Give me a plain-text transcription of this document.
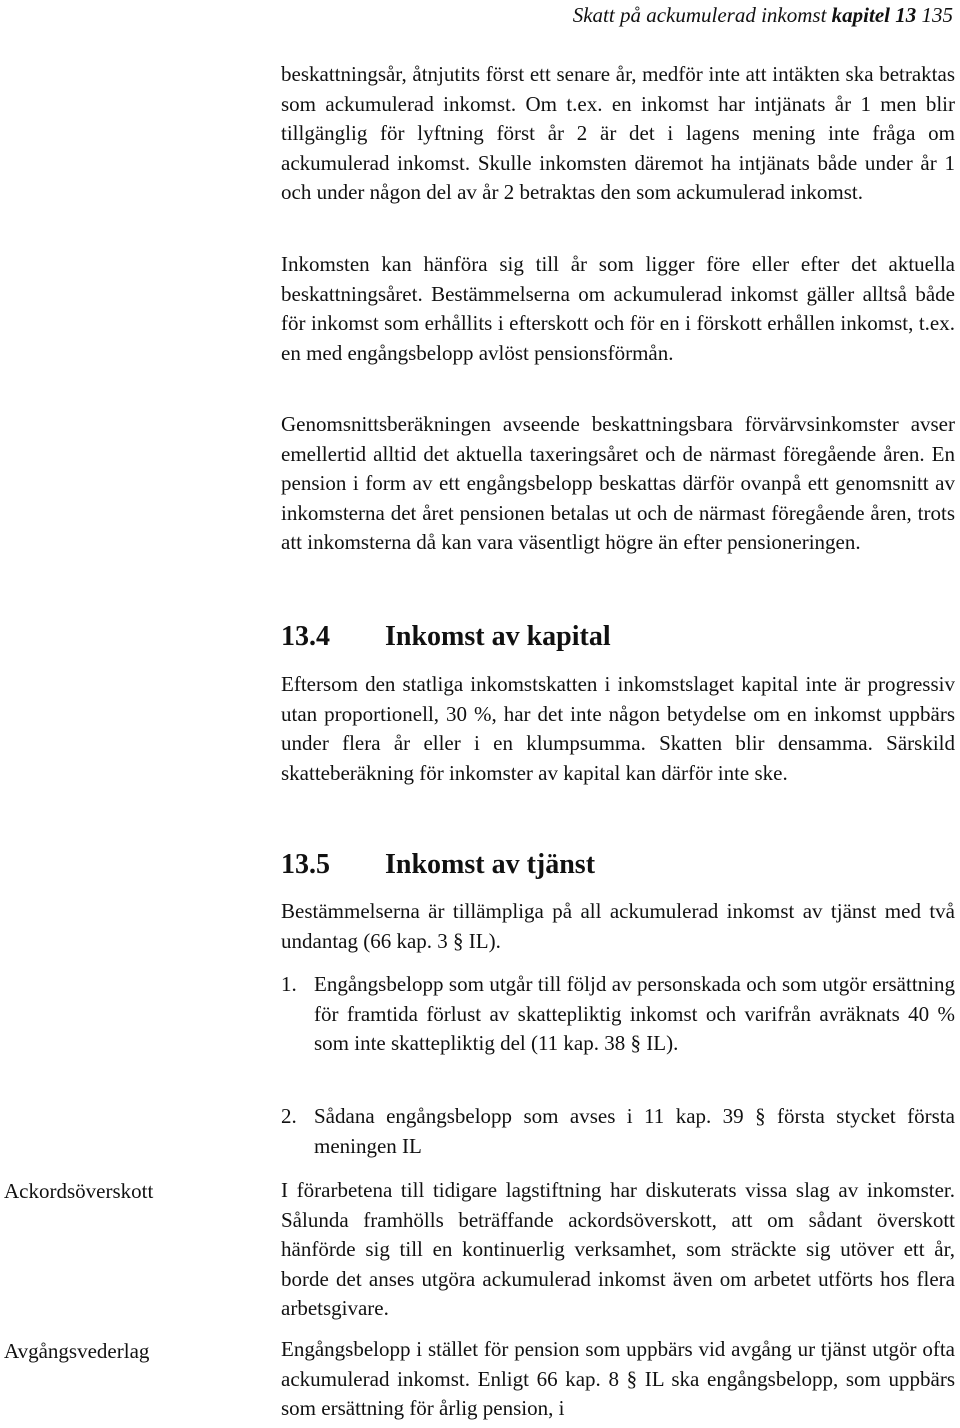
Skatt på ackumulerad inkomst kapitel 13 135

beskattningsår, åtnjutits först ett senare år, medför inte att intäkten ska betraktas som ackumulerad inkomst. Om t.ex. en inkomst har intjänats år 1 men blir tillgänglig för lyftning först år 2 är det i lagens mening inte fråga om ackumulerad inkomst. Skulle inkomsten däremot ha intjänats både under år 1 och under någon del av år 2 betraktas den som ackumulerad inkomst.

Inkomsten kan hänföra sig till år som ligger före eller efter det aktuella beskattningsåret. Bestämmelserna om ackumulerad inkomst gäller alltså både för inkomst som erhållits i efterskott och för en i förskott erhållen inkomst, t.ex. en med engångsbelopp avlöst pensionsförmån.

Genomsnittsberäkningen avseende beskattningsbara förvärvsinkomster avser emellertid alltid det aktuella taxeringsåret och de närmast föregående åren. En pension i form av ett engångsbelopp beskattas därför ovanpå ett genomsnitt av inkomsterna det året pensionen betalas ut och de närmast föregående åren, trots att inkomsterna då kan vara väsentligt högre än efter pensioneringen.

13.4 Inkomst av kapital

Eftersom den statliga inkomstskatten i inkomstslaget kapital inte är progressiv utan proportionell, 30 %, har det inte någon betydelse om en inkomst uppbärs under flera år eller i en klumpsumma. Skatten blir densamma. Särskild skatteberäkning för inkomster av kapital kan därför inte ske.

13.5 Inkomst av tjänst

Bestämmelserna är tillämpliga på all ackumulerad inkomst av tjänst med två undantag (66 kap. 3 § IL).

1. Engångsbelopp som utgår till följd av personskada och som utgör ersättning för framtida förlust av skattepliktig inkomst och varifrån avräknats 40 % som inte skattepliktig del (11 kap. 38 § IL).

2. Sådana engångsbelopp som avses i 11 kap. 39 § första stycket första meningen IL

Ackordsöverskott	I förarbetena till tidigare lagstiftning har diskuterats vissa slag av inkomster. Sålunda framhölls beträffande ackordsöverskott, att om sådant överskott hänförde sig till en kontinuerlig verksamhet, som sträckte sig utöver ett år, borde det anses utgöra ackumulerad inkomst även om arbetet utförts hos flera arbetsgivare.

Avgångsvederlag	Engångsbelopp i stället för pension som uppbärs vid avgång ur tjänst utgör ofta ackumulerad inkomst. Enligt 66 kap. 8 § IL ska engångsbelopp, som uppbärs som ersättning för årlig pension, i
